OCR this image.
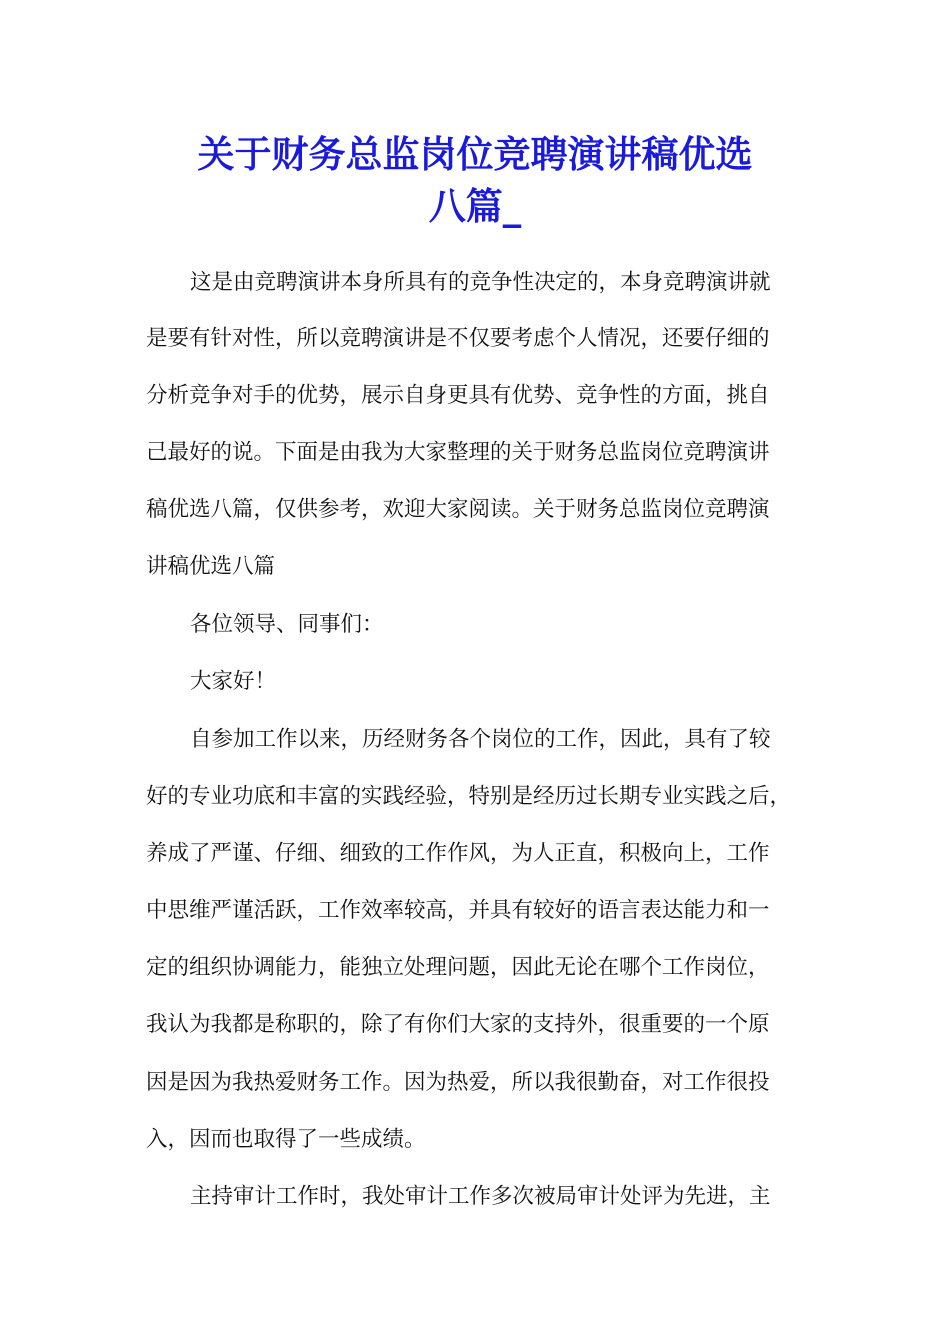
关于财务总监岗位竞聘演讲稿优选
八篇_

这是由竞聘演讲本身所具有的竞争性决定的，本身竞聘演讲就

是要有针对性，所以竞聘演讲是不仅要考虑个人情况，还要仔细的

分析竞争对手的优势，展示自身更具有优势、竞争性的方面，挑自

己最好的说。下面是由我为大家整理的关于财务总监岗位竞聘演讲

稿优选八篇，仅供参考，欢迎大家阅读。关于财务总监岗位竞聘演

讲稿优选八篇

各位领导、同事们：

大家好！

自参加工作以来，历经财务各个岗位的工作，因此，具有了较

好的专业功底和丰富的实践经验，特别是经历过长期专业实践之后，

养成了严谨、仔细、细致的工作作风，为人正直，积极向上，工作

中思维严谨活跃，工作效率较高，并具有较好的语言表达能力和一

定的组织协调能力，能独立处理问题，因此无论在哪个工作岗位，

我认为我都是称职的，除了有你们大家的支持外，很重要的一个原

因是因为我热爱财务工作。因为热爱，所以我很勤奋，对工作很投

入，因而也取得了一些成绩。

主持审计工作时，我处审计工作多次被局审计处评为先进，主
